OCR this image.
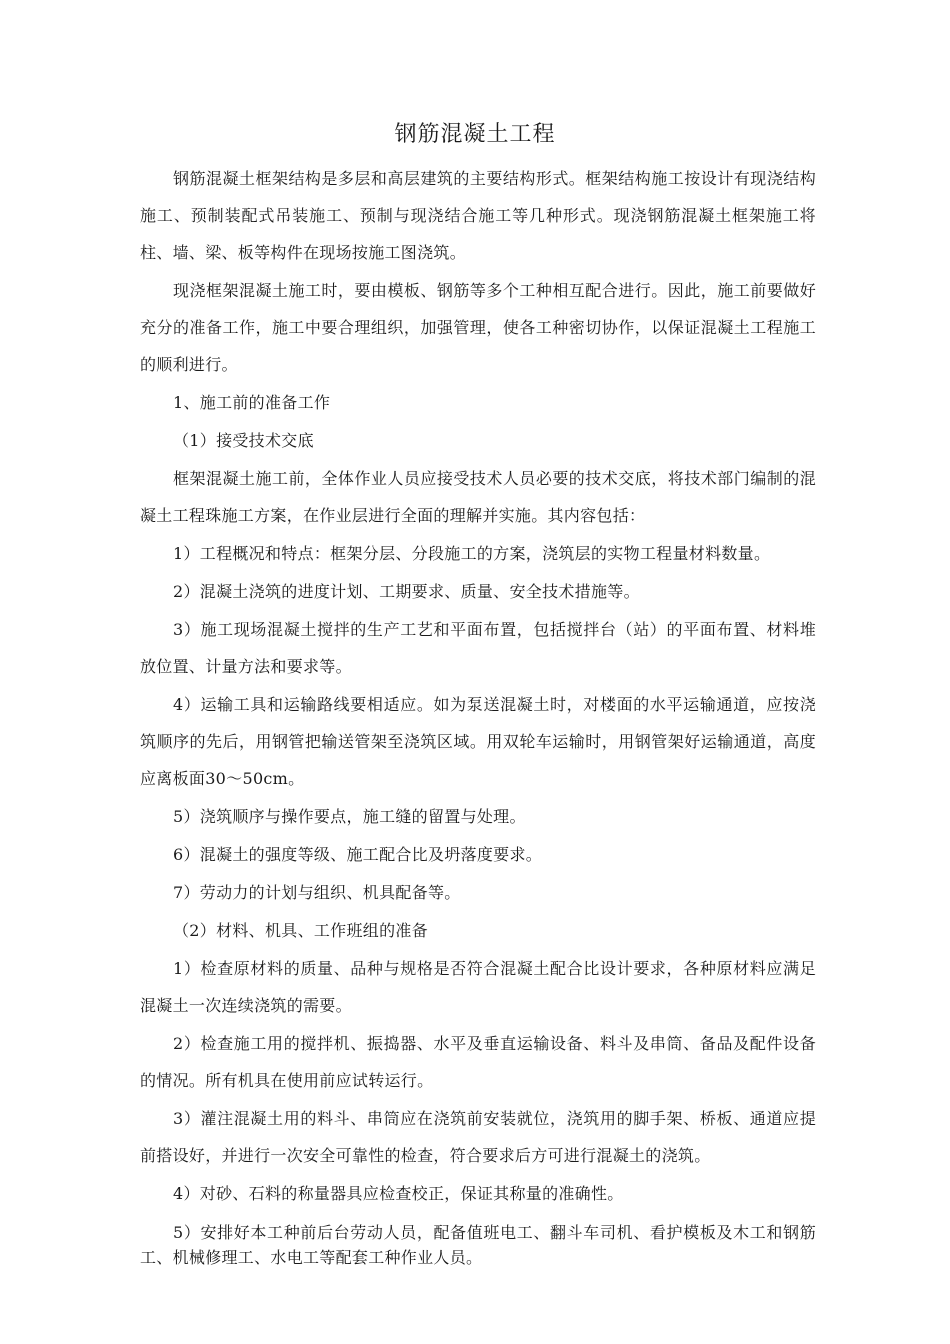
钢筋混凝土工程

钢筋混凝土框架结构是多层和高层建筑的主要结构形式。框架结构施工按设计有现浇结构施工、预制装配式吊装施工、预制与现浇结合施工等几种形式。现浇钢筋混凝土框架施工将柱、墙、梁、板等构件在现场按施工图浇筑。

现浇框架混凝土施工时，要由模板、钢筋等多个工种相互配合进行。因此，施工前要做好充分的准备工作，施工中要合理组织，加强管理，使各工种密切协作，以保证混凝土工程施工的顺利进行。

1、施工前的准备工作

（1）接受技术交底

框架混凝土施工前，全体作业人员应接受技术人员必要的技术交底，将技术部门编制的混凝土工程珠施工方案，在作业层进行全面的理解并实施。其内容包括：

1）工程概况和特点：框架分层、分段施工的方案，浇筑层的实物工程量材料数量。

2）混凝土浇筑的进度计划、工期要求、质量、安全技术措施等。

3）施工现场混凝土搅拌的生产工艺和平面布置，包括搅拌台（站）的平面布置、材料堆放位置、计量方法和要求等。

4）运输工具和运输路线要相适应。如为泵送混凝土时，对楼面的水平运输通道，应按浇筑顺序的先后，用钢管把输送管架至浇筑区域。用双轮车运输时，用钢管架好运输通道，高度应离板面30～50cm。

5）浇筑顺序与操作要点，施工缝的留置与处理。

6）混凝土的强度等级、施工配合比及坍落度要求。

7）劳动力的计划与组织、机具配备等。

（2）材料、机具、工作班组的准备

1）检查原材料的质量、品种与规格是否符合混凝土配合比设计要求，各种原材料应满足混凝土一次连续浇筑的需要。

2）检查施工用的搅拌机、振捣器、水平及垂直运输设备、料斗及串筒、备品及配件设备的情况。所有机具在使用前应试转运行。

3）灌注混凝土用的料斗、串筒应在浇筑前安装就位，浇筑用的脚手架、桥板、通道应提前搭设好，并进行一次安全可靠性的检查，符合要求后方可进行混凝土的浇筑。

4）对砂、石料的称量器具应检查校正，保证其称量的准确性。

5）安排好本工种前后台劳动人员，配备值班电工、翻斗车司机、看护模板及木工和钢筋工、机械修理工、水电工等配套工种作业人员。
